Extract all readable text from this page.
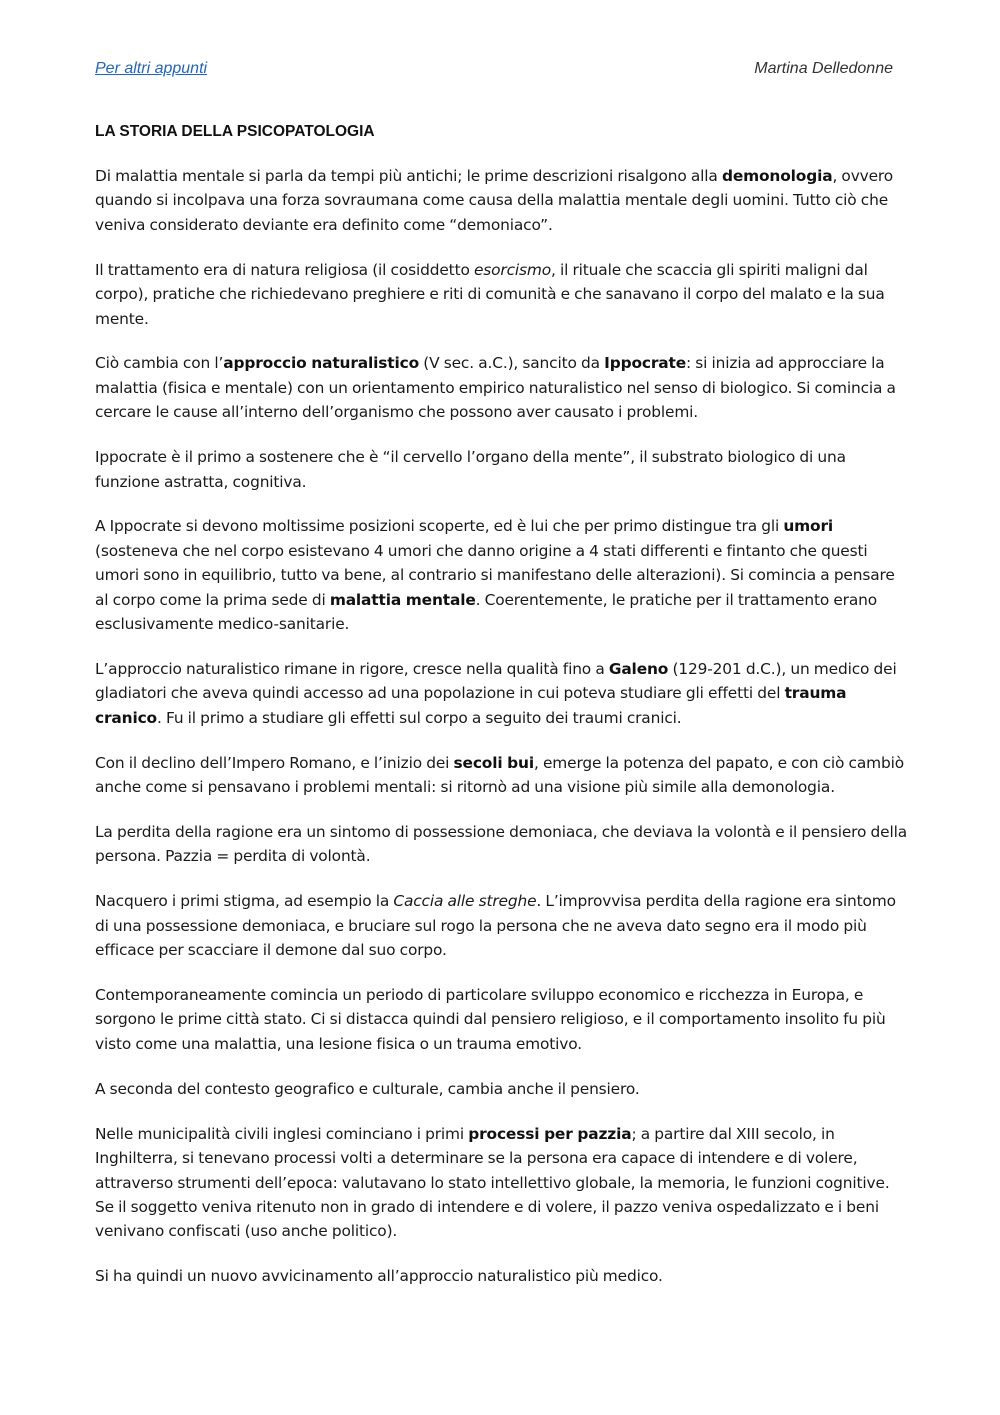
Per altri appunti	Martina Delledonne
LA STORIA DELLA PSICOPATOLOGIA

Di malattia mentale si parla da tempi più antichi; le prime descrizioni risalgono alla demonologia, ovvero quando si incolpava una forza sovraumana come causa della malattia mentale degli uomini. Tutto ciò che veniva considerato deviante era definito come “demoniaco”.

Il trattamento era di natura religiosa (il cosiddetto esorcismo, il rituale che scaccia gli spiriti maligni dal corpo), pratiche che richiedevano preghiere e riti di comunità e che sanavano il corpo del malato e la sua mente.

Ciò cambia con l’approccio naturalistico (V sec. a.C.), sancito da Ippocrate: si inizia ad approcciare la malattia (fisica e mentale) con un orientamento empirico naturalistico nel senso di biologico. Si comincia a cercare le cause all’interno dell’organismo che possono aver causato i problemi.

Ippocrate è il primo a sostenere che è “il cervello l’organo della mente”, il substrato biologico di una funzione astratta, cognitiva.

A Ippocrate si devono moltissime posizioni scoperte, ed è lui che per primo distingue tra gli umori (sosteneva che nel corpo esistevano 4 umori che danno origine a 4 stati differenti e fintanto che questi umori sono in equilibrio, tutto va bene, al contrario si manifestano delle alterazioni). Si comincia a pensare al corpo come la prima sede di malattia mentale. Coerentemente, le pratiche per il trattamento erano esclusivamente medico-sanitarie.

L’approccio naturalistico rimane in rigore, cresce nella qualità fino a Galeno (129-201 d.C.), un medico dei gladiatori che aveva quindi accesso ad una popolazione in cui poteva studiare gli effetti del trauma cranico. Fu il primo a studiare gli effetti sul corpo a seguito dei traumi cranici.

Con il declino dell’Impero Romano, e l’inizio dei secoli bui, emerge la potenza del papato, e con ciò cambiò anche come si pensavano i problemi mentali: si ritornò ad una visione più simile alla demonologia.

La perdita della ragione era un sintomo di possessione demoniaca, che deviava la volontà e il pensiero della persona. Pazzia = perdita di volontà.

Nacquero i primi stigma, ad esempio la Caccia alle streghe. L’improvvisa perdita della ragione era sintomo di una possessione demoniaca, e bruciare sul rogo la persona che ne aveva dato segno era il modo più efficace per scacciare il demone dal suo corpo.

Contemporaneamente comincia un periodo di particolare sviluppo economico e ricchezza in Europa, e sorgono le prime città stato. Ci si distacca quindi dal pensiero religioso, e il comportamento insolito fu più visto come una malattia, una lesione fisica o un trauma emotivo.

A seconda del contesto geografico e culturale, cambia anche il pensiero.

Nelle municipalità civili inglesi cominciano i primi processi per pazzia; a partire dal XIII secolo, in Inghilterra, si tenevano processi volti a determinare se la persona era capace di intendere e di volere, attraverso strumenti dell’epoca: valutavano lo stato intellettivo globale, la memoria, le funzioni cognitive. Se il soggetto veniva ritenuto non in grado di intendere e di volere, il pazzo veniva ospedalizzato e i beni venivano confiscati (uso anche politico).

Si ha quindi un nuovo avvicinamento all’approccio naturalistico più medico.
